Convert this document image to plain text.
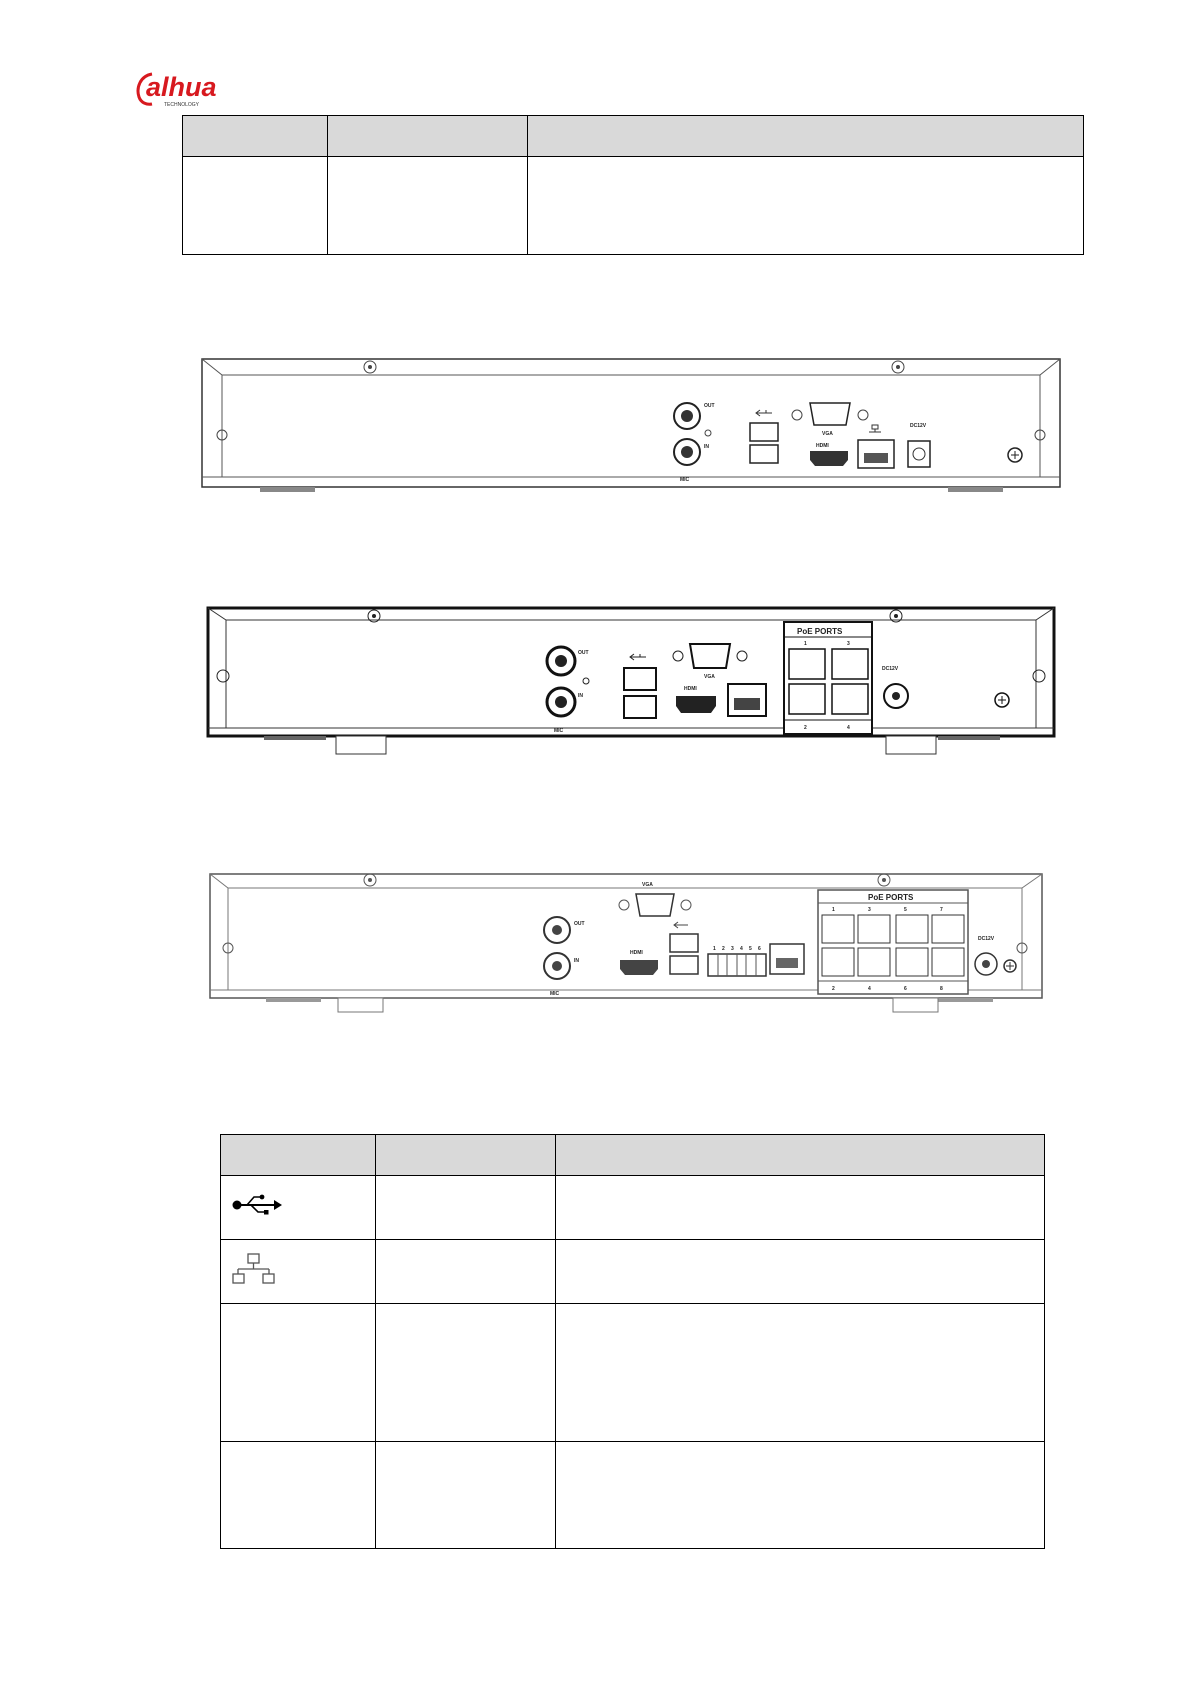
alhua
TECHNOLOGY

OUT
IN
MIC
VGA
HDMI
DC12V
OUT
IN
MIC
VGA
HDMI
PoE PORTS
1	3
2	4
DC12V
OUT
IN
MIC
HDMI
VGA
1 2 3 4 5 6
PoE PORTS
1	3	5	7
2	4	6	8
DC12V
